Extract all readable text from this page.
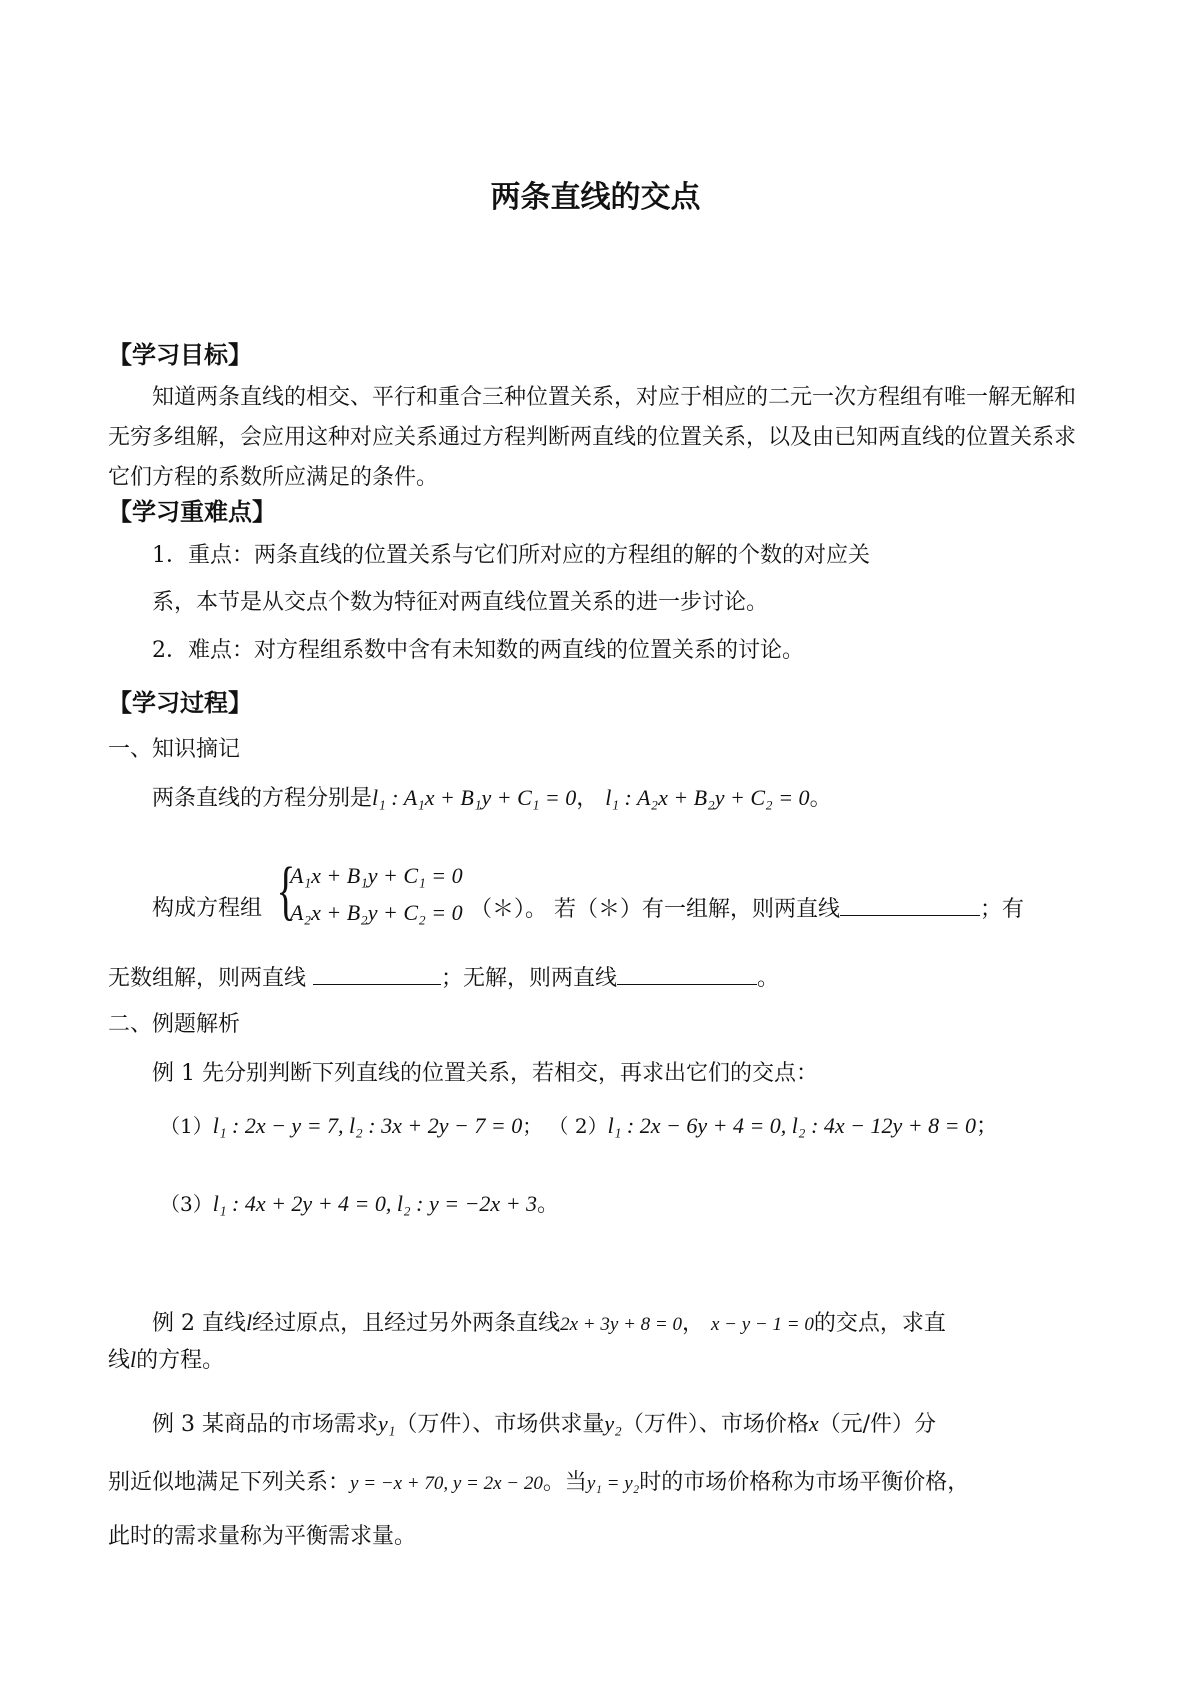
两条直线的交点
【学习目标】
知道两条直线的相交、平行和重合三种位置关系，对应于相应的二元一次方程组有唯一解无解和无穷多组解，会应用这种对应关系通过方程判断两直线的位置关系，以及由已知两直线的位置关系求它们方程的系数所应满足的条件。
【学习重难点】
1．重点：两条直线的位置关系与它们所对应的方程组的解的个数的对应关
系，本节是从交点个数为特征对两直线位置关系的进一步讨论。
2．难点：对方程组系数中含有未知数的两直线的位置关系的讨论。
【学习过程】
一、知识摘记
两条直线的方程分别是l₁ : A₁x + B₁y + C₁ = 0， l₁ : A₂x + B₂y + C₂ = 0。
构成方程组 {
A₁x + B₁y + C₁ = 0
A₂x + B₂y + C₂ = 0 （＊）。 若（＊）有一组解，则两直线	；有
无数组解，则两直线	；无解，则两直线	。
二、例题解析
例 1 先分别判断下列直线的位置关系，若相交，再求出它们的交点：
（1）l₁ : 2x − y = 7, l₂ : 3x + 2y − 7 = 0； （ 2）l₁ : 2x − 6y + 4 = 0, l₂ : 4x − 12y + 8 = 0；
（3）l₁ : 4x + 2y + 4 = 0, l₂ : y = −2x + 3。
例 2 直线l经过原点，且经过另外两条直线2x + 3y + 8 = 0， x − y − 1 = 0的交点，求直
线l的方程。
例 3 某商品的市场需求y₁（万件）、市场供求量y₂（万件）、市场价格x（元/件）分
别近似地满足下列关系：y = −x + 70, y = 2x − 20。当y₁ = y₂时的市场价格称为市场平衡价格，
此时的需求量称为平衡需求量。
